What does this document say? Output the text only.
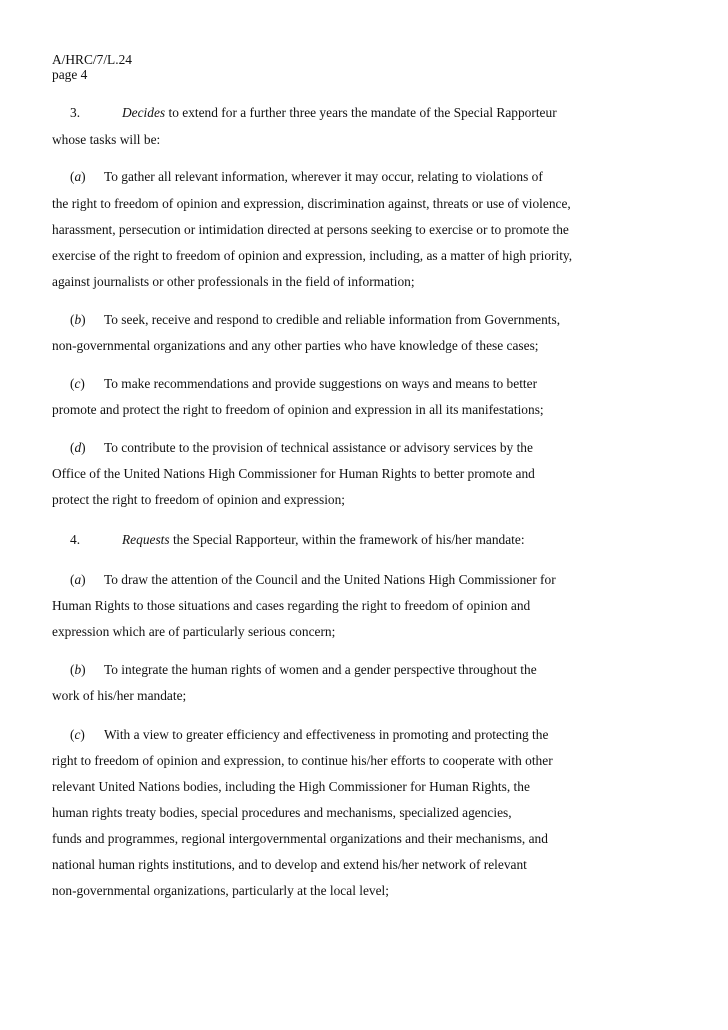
A/HRC/7/L.24
page 4
3.	Decides to extend for a further three years the mandate of the Special Rapporteur
whose tasks will be:
(a) To gather all relevant information, wherever it may occur, relating to violations of
the right to freedom of opinion and expression, discrimination against, threats or use of violence,
harassment, persecution or intimidation directed at persons seeking to exercise or to promote the
exercise of the right to freedom of opinion and expression, including, as a matter of high priority,
against journalists or other professionals in the field of information;
(b) To seek, receive and respond to credible and reliable information from Governments,
non-governmental organizations and any other parties who have knowledge of these cases;
(c) To make recommendations and provide suggestions on ways and means to better
promote and protect the right to freedom of opinion and expression in all its manifestations;
(d) To contribute to the provision of technical assistance or advisory services by the
Office of the United Nations High Commissioner for Human Rights to better promote and
protect the right to freedom of opinion and expression;
4.	Requests the Special Rapporteur, within the framework of his/her mandate:
(a) To draw the attention of the Council and the United Nations High Commissioner for
Human Rights to those situations and cases regarding the right to freedom of opinion and
expression which are of particularly serious concern;
(b) To integrate the human rights of women and a gender perspective throughout the
work of his/her mandate;
(c) With a view to greater efficiency and effectiveness in promoting and protecting the
right to freedom of opinion and expression, to continue his/her efforts to cooperate with other
relevant United Nations bodies, including the High Commissioner for Human Rights, the
human rights treaty bodies, special procedures and mechanisms, specialized agencies,
funds and programmes, regional intergovernmental organizations and their mechanisms, and
national human rights institutions, and to develop and extend his/her network of relevant
non-governmental organizations, particularly at the local level;
